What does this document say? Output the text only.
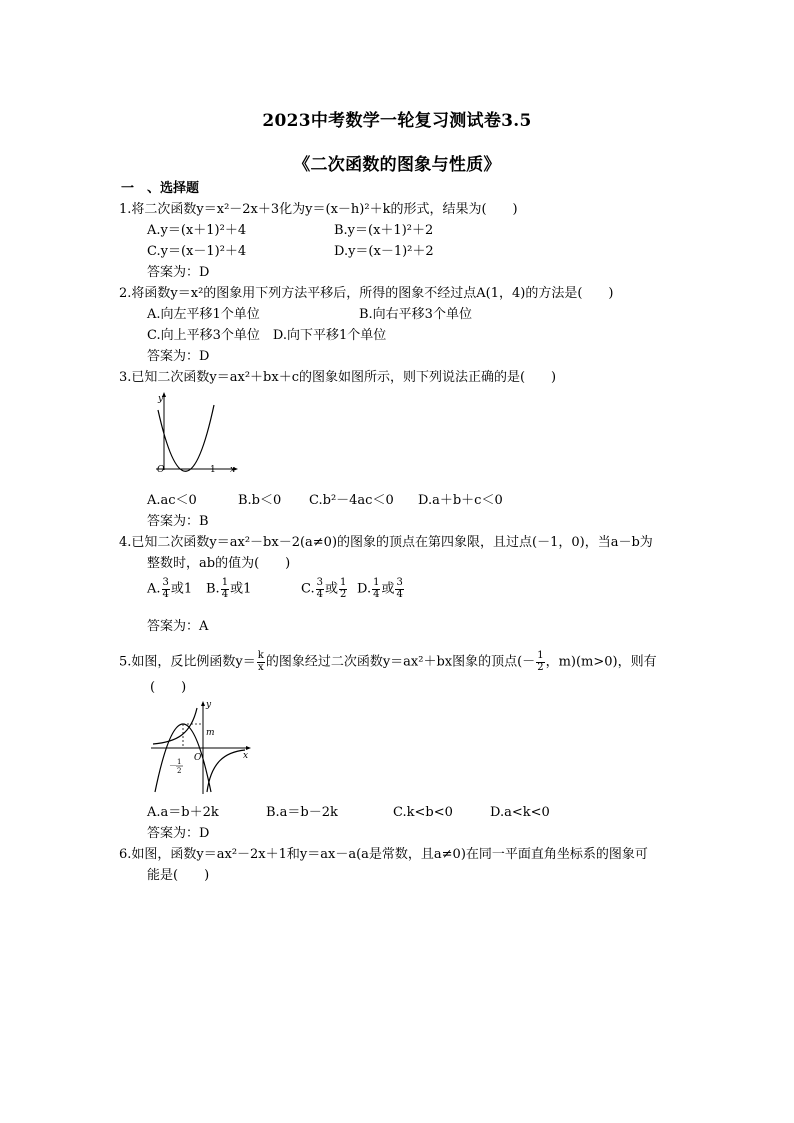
2023中考数学一轮复习测试卷3.5
《二次函数的图象与性质》
一　、选择题
1.将二次函数y＝x²－2x＋3化为y＝(x－h)²＋k的形式，结果为(　　)
A.y＝(x＋1)²＋4	B.y＝(x＋1)²＋2
C.y＝(x－1)²＋4	D.y＝(x－1)²＋2
答案为：D
2.将函数y＝x²的图象用下列方法平移后，所得的图象不经过点A(1，4)的方法是(　　)
A.向左平移1个单位	B.向右平移3个单位
C.向上平移3个单位　D.向下平移1个单位
答案为：D
3.已知二次函数y＝ax²＋bx＋c的图象如图所示，则下列说法正确的是(　　)
y
O	1 x
A.ac＜0	B.b＜0 C.b²－4ac＜0 D.a＋b＋c＜0
答案为：B
4.已知二次函数y＝ax²－bx－2(a≠0)的图象的顶点在第四象限，且过点(－1，0)，当a－b为
整数时，ab的值为(　　)
A. $\frac{3}{4}$ 或1 B. $\frac{1}{4}$ 或1	C. $\frac{3}{4}$ 或 $\frac{1}{2} D$. $\frac{1}{4}$ 或 $\frac{3}{4}$
答案为：A
5.如图，反比例函数$y= \frac{k}{x}$ 的图象经过二次函数y＝ax²＋bx图象的顶点(－ $\frac{1}{2}$ ，m)(m>0)，则有
(　　)
y
m
O	x
－ 1
2
A.a＝b＋2k	B.a＝b－2k	C.k<b<0	D.a<k<0
答案为：D
6.如图，函数y＝ax²－2x＋1和y＝ax－a(a是常数，且a≠0)在同一平面直角坐标系的图象可
能是(　　)
